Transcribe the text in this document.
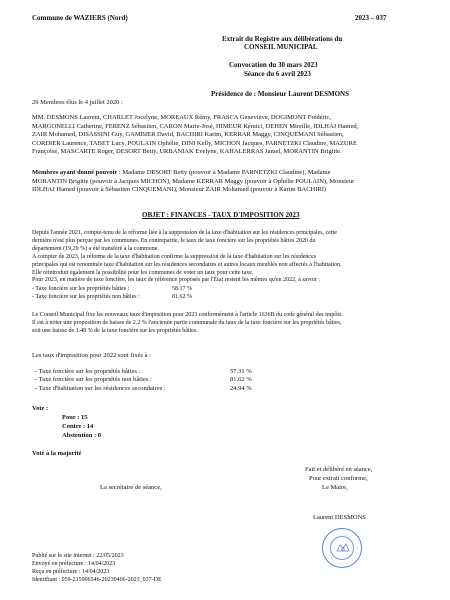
Commune de WAZIERS (Nord)	2023 – 037
Extrait du Registre aux délibérations du
CONSEIL MUNICIPAL
Convocation du 30 mars 2023
Séance du 6 avril 2023
Présidence de : Monsieur Laurent DESMONS
29 Membres élus le 4 juillet 2020 :
MM. DESMONS Laurent, CHARLET Jocelyne, MOREAUX Rémy, FRASCA Geneviève, DOGIMONT Frédéric,
MARGONELLI Catherine, FERENZ Sébastien, CARON Marie-José, HIMEUR Kémici, DEHEN Mireille, IDLHAJ Hamed,
ZAIR Mohamed, DISASSINI Guy, GAMBIER David, BACHIRI Karim, KERRAR Maggy, CINQUEMANI Sébastien,
CORDIER Laurence, TABET Lucy, POULAIN Ophélie, DINI Kelly, MICHON Jacques, PARNETZKI Claudine, MAZURE
Françoise, MASCARTE Roger, DESORT Betty, URBANIAK Evelyne, KAHALERRAS Jamel, MORANTIN Brigitte.
Membres ayant donné pouvoir : Madame DESORT Betty (pouvoir à Madame PARNETZKI Claudine), Madame
MORANTIN Brigitte (pouvoir à Jacques MICHON), Madame KERRAR Maggy (pouvoir à Ophélie POULAIN), Monsieur
IDLHAJ Hamed (pouvoir à Sébastien CINQUEMANI), Monsieur ZAIR Mohamed (pouvoir à Karim BACHIRI)
OBJET : FINANCES - TAUX D'IMPOSITION 2023
Depuis l'année 2021, compte-tenu de la réforme liée à la suppression de la taxe d'habitation sur les résidences principales, cette
dernière n'est plus perçue par les communes. En contrepartie, le taux de taxe foncière sur les propriétés bâties 2020 du
département (19,29 %) a été transféré à la commune.
A compter de 2023, la réforme de la taxe d'habitation confirme la suppression de la taxe d'habitation sur les résidences
principales qui est renommée taxe d'habitation sur les résidences secondaires et autres locaux meublés non affectés à l'habitation.
Elle réintroduit également la possibilité pour les communes de voter un taux pour cette taxe.
Pour 2023, en matière de taxe foncière, les taux de référence proposés par l'État restent les mêmes qu'en 2022, à savoir :
- Taxe foncière sur les propriétés bâties :	58.17 %
- Taxe foncière sur les propriétés non bâties :	81.62 %
Le Conseil Municipal fixe les nouveaux taux d'imposition pour 2023 conformément à l'article 1636B du code général des impôts.
Il est à noter une proposition de baisse de 2.2 % l'ancienne partie communale du taux de la taxe foncière sur les propriétés bâties,
soit une baisse de 1.48 % de la taxe foncière sur les propriétés bâties.
Les taux d'imposition pour 2022 sont fixés à :
- Taxe foncière sur les propriétés bâties :	57.31 %
- Taxe foncière sur les propriétés non bâties :	81.62 %
- Taxe d'habitation sur les résidences secondaires :	24.94 %
Vote :
Pour : 15
Contre : 14
Abstention : 0
Voté à la majorité
Fait et délibéré en séance,
Pour extrait conforme,
Le Maire,
La secrétaire de séance,
Laurent DESMONS
Publié sur le site internet : 22/05/2023
Envoyé en préfecture : 14/04/2023
Reçu en préfecture : 14/04/2023
Identifiant : 059-215906546-20230406-2023_037-DE
